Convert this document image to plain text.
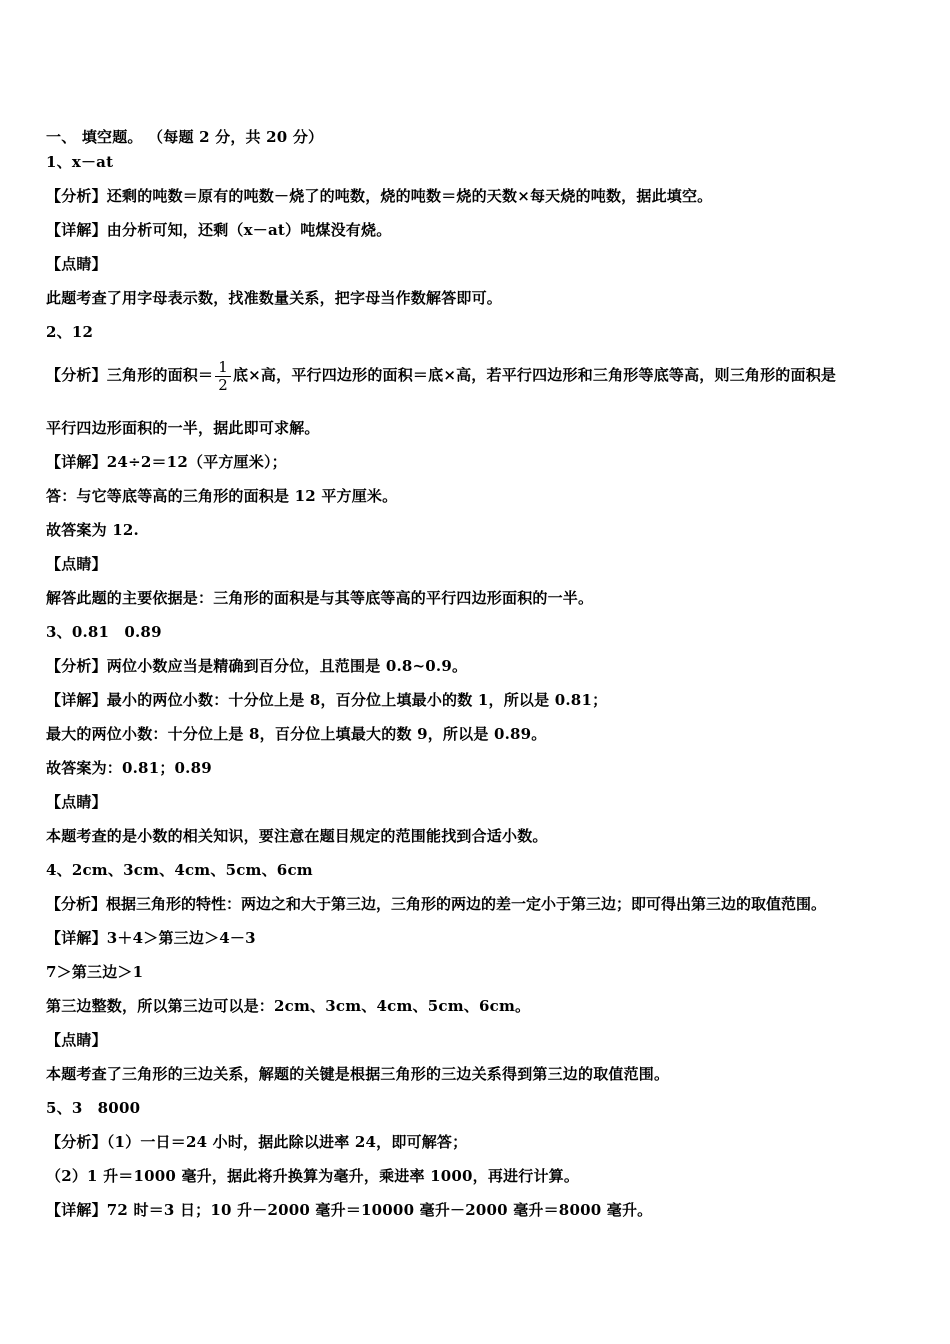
一、 填空题。 （每题 2 分，共 20 分）
1、x－at
【分析】还剩的吨数＝原有的吨数－烧了的吨数，烧的吨数＝烧的天数×每天烧的吨数，据此填空。
【详解】由分析可知，还剩（x－at）吨煤没有烧。
【点睛】
此题考查了用字母表示数，找准数量关系，把字母当作数解答即可。
2、12
【分析】三角形的面积＝ $\frac{1}{2}$ 底×高，平行四边形的面积＝底×高，若平行四边形和三角形等底等高，则三角形的面积是
平行四边形面积的一半，据此即可求解。
【详解】24÷2＝12（平方厘米）；
答：与它等底等高的三角形的面积是 12 平方厘米。
故答案为 12.
【点睛】
解答此题的主要依据是：三角形的面积是与其等底等高的平行四边形面积的一半。
3、0.81　0.89
【分析】两位小数应当是精确到百分位，且范围是 0.8~0.9。
【详解】最小的两位小数：十分位上是 8，百分位上填最小的数 1，所以是 0.81；
最大的两位小数：十分位上是 8，百分位上填最大的数 9，所以是 0.89。
故答案为：0.81；0.89
【点睛】
本题考查的是小数的相关知识，要注意在题目规定的范围能找到合适小数。
4、2cm、3cm、4cm、5cm、6cm
【分析】根据三角形的特性：两边之和大于第三边，三角形的两边的差一定小于第三边；即可得出第三边的取值范围。
【详解】3＋4＞第三边＞4－3
7＞第三边＞1
第三边整数，所以第三边可以是：2cm、3cm、4cm、5cm、6cm。
【点睛】
本题考查了三角形的三边关系，解题的关键是根据三角形的三边关系得到第三边的取值范围。
5、3　8000
【分析】（1）一日＝24 小时，据此除以进率 24，即可解答；
（2）1 升＝1000 毫升，据此将升换算为毫升，乘进率 1000，再进行计算。
【详解】72 时＝3 日；10 升－2000 毫升＝10000 毫升－2000 毫升＝8000 毫升。
